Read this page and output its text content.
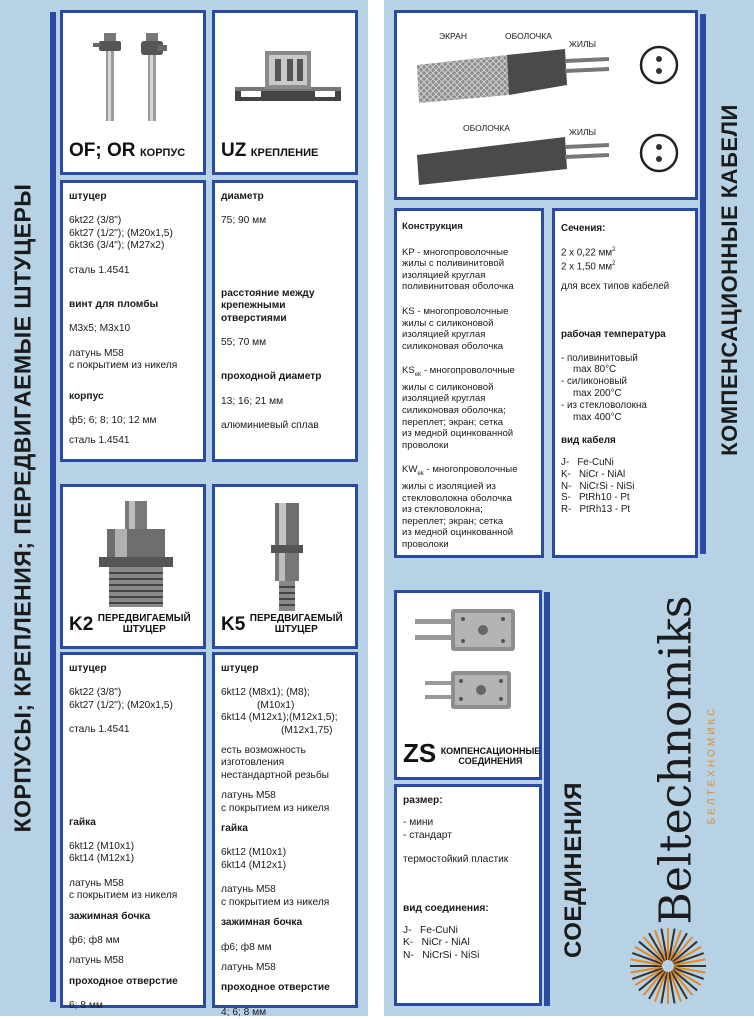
КОРПУСЫ; КРЕПЛЕНИЯ; ПЕРЕДВИГАЕМЫЕ ШТУЦЕРЫ
OF; OR КОРПУС UZ КРЕПЛЕНИЕ
штуцер
6kt22 (3/8")
6kt27 (1/2"); (M20x1,5)
6kt36 (3/4"); (M27x2)
сталь 1.4541
винт для пломбы
M3x5; M3x10
латунь M58
с покрытием из никеля
корпус
ф5; 6; 8; 10; 12 мм
сталь 1.4541
диаметр
75; 90 мм
расстояние между
крепежными
отверстиями
55; 70 мм
проходной диаметр
13; 16; 21 мм
алюминиевый сплав
K2 ПЕРЕДВИГАЕМЫЙ
ШТУЦЕР	K5 ПЕРЕДВИГАЕМЫЙ
ШТУЦЕР
штуцер
6kt22 (3/8")
6kt27 (1/2"); (M20x1,5)
сталь 1.4541
гайка
6kt12 (M10x1)
6kt14 (M12x1)
латунь M58
с покрытием из никеля
зажимная бочка
ф6; ф8 мм
латунь M58
проходное отверстие
6; 8 мм
штуцер
6kt12 (M8x1); (M8);
(M10x1)
6kt14 (M12x1);(M12x1,5);
(M12x1,75)
есть возможность
изготовления
нестандартной резьбы
латунь M58
с покрытием из никеля
гайка
6kt12 (M10x1)
6kt14 (M12x1)
латунь M58
с покрытием из никеля
зажимная бочка
ф6; ф8 мм
латунь M58
проходное отверстие
4; 6; 8 мм
ЭКРАН	ОБОЛОЧКА
ЖИЛЫ
ОБОЛОЧКА	ЖИЛЫ	КОМПЕНСАЦИОННЫЕ КАБЕЛИ
Конструкция
KP - многопроволочные
жилы с поливинитовой
изоляцией круглая
поливинитовая оболочка
KS - многопроволочные
жилы с силиконовой
изоляцией круглая
силиконовая оболочка
$KS_{ek}$ - многопроволочные
жилы с силиконовой
изоляцией круглая
силиконовая оболочка;
переплет; экран; сетка
из медной оцинкованной
проволоки
$KW_{ek}$ - многопроволочные
жилы с изоляцией из
стекловолокна оболочка
из стекловолокна;
переплет; экран; сетка
из медной оцинкованной
проволоки
Сечения:
2 x 0,22 $мм^2$
2 x 1,50 $мм^2$
для всех типов кабелей
рабочая температура
- поливинитовый
max 80°C
- силиконовый
max 200°C
- из стекловолокна
max 400°C
вид кабеля
J-   Fe-CuNi
K-   NiCr - NiAl
N-   NiCrSi - NiSi
S-   PtRh10 - Pt
R-   PtRh13 - Pt
ZS КОМПЕНСАЦИОННЫЕ
СОЕДИНЕНИЯ
размер:
- мини
- стандарт
термостойкий пластик
вид соединения:
J-   Fe-CuNi
K-   NiCr - NiAl
N-   NiCrSi - NiSi	СОЕДИНЕНИЯ Beltechnomiks БЕЛТЕХНОМИКС
